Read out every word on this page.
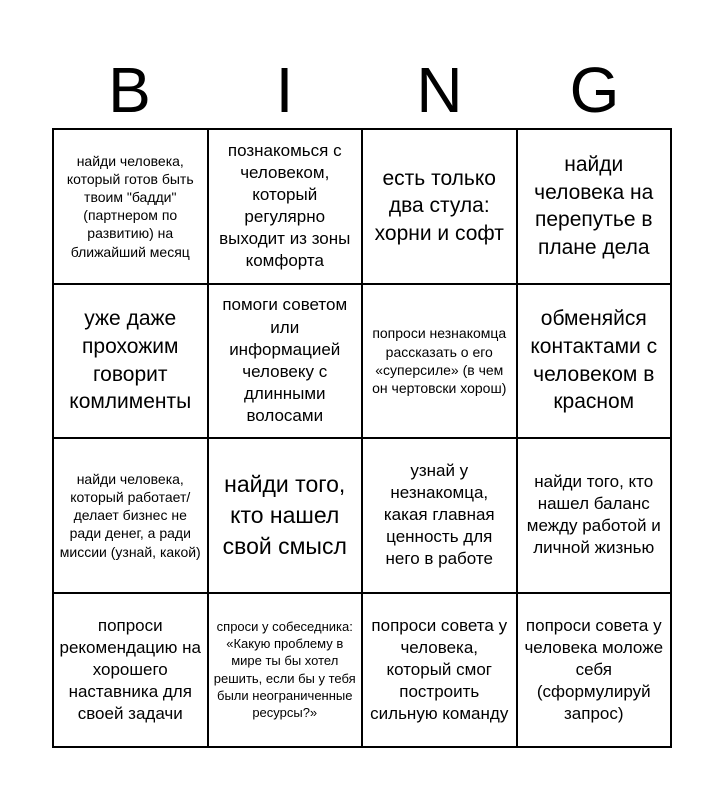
B	I	N	G
найди человека, который готов быть твоим "бадди" (партнером по развитию) на ближайший месяц
познакомься с человеком, который регулярно выходит из зоны комфорта
есть только два стула: хорни и софт
найди человека на перепутье в плане дела
уже даже прохожим говорит комлименты
помоги советом или информацией человеку с длинными волосами
попроси незнакомца рассказать о его «суперсиле» (в чем он чертовски хорош)
обменяйся контактами с человеком в красном
найди человека, который работает/делает бизнес не ради денег, а ради миссии (узнай, какой)
найди того, кто нашел свой смысл
узнай у незнакомца, какая главная ценность для него в работе
найди того, кто нашел баланс между работой и личной жизнью
попроси рекомендацию на хорошего наставника для своей задачи
спроси у собеседника: «Какую проблему в мире ты бы хотел решить, если бы у тебя были неограниченные ресурсы?»
попроси совета у человека, который смог построить сильную команду
попроси совета у человека моложе себя (сформулируй запрос)
